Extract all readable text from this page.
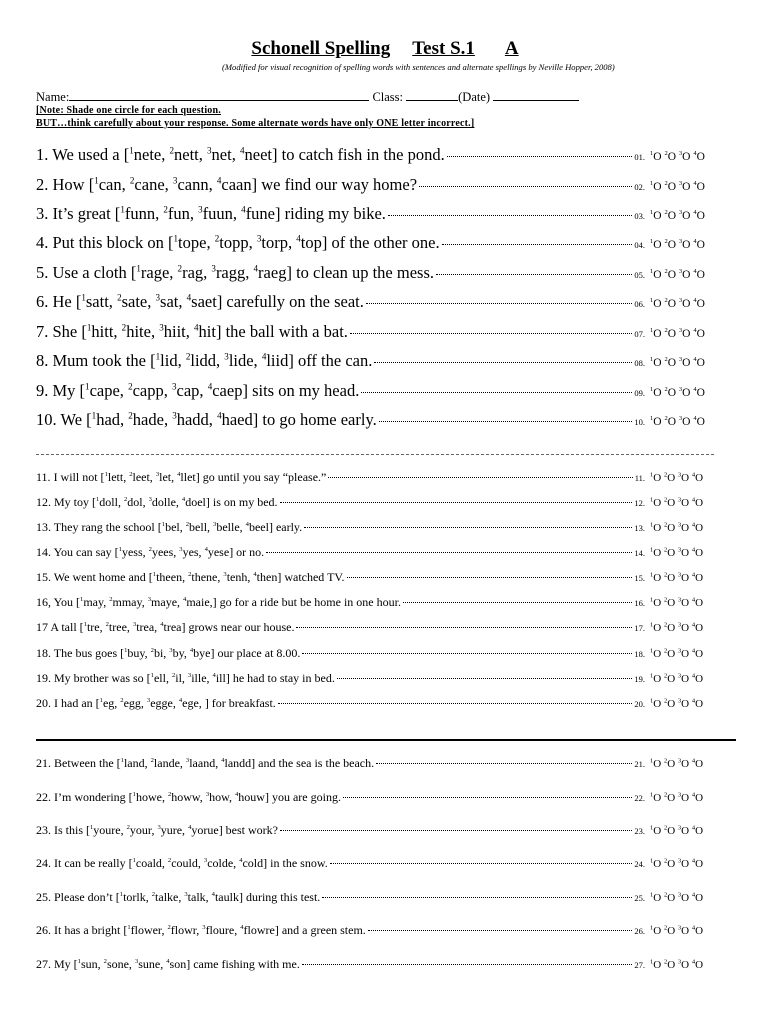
Schonell Spelling Test S.1 A
(Modified for visual recognition of spelling words with sentences and alternate spellings by Neville Hopper, 2008)
Name:	Class:	(Date)
[Note: Shade one circle for each question.
BUT…think carefully about your response. Some alternate words have only ONE letter incorrect.]
1. We used a [$^1$nete, $^2$nett, $^3$net, $^4$neet] to catch fish in the pond.	01. $^1$O $^2$O $^3$O $^4$O
2. How [$^1$can, $^2$cane, $^3$cann, $^4$caan] we find our way home?	02. $^1$O $^2$O $^3$O $^4$O
3. It’s great [$^1$funn, $^2$fun, $^3$fuun, $^4$fune] riding my bike.	03. $^1$O $^2$O $^3$O $^4$O
4. Put this block on [$^1$tope, $^2$topp, $^3$torp, $^4$top] of the other one.	04. $^1$O $^2$O $^3$O $^4$O
5. Use a cloth [$^1$rage, $^2$rag, $^3$ragg, $^4$raeg] to clean up the mess.	05. $^1$O $^2$O $^3$O $^4$O
6. He [$^1$satt, $^2$sate, $^3$sat, $^4$saet] carefully on the seat.	06. $^1$O $^2$O $^3$O $^4$O
7. She [$^1$hitt, $^2$hite, $^3$hiit, $^4$hit] the ball with a bat.	07. $^1$O $^2$O $^3$O $^4$O
8. Mum took the [$^1$lid, $^2$lidd, $^3$lide, $^4$liid] off the can.	08. $^1$O $^2$O $^3$O $^4$O
9. My [$^1$cape, $^2$capp, $^3$cap, $^4$caep] sits on my head.	09. $^1$O $^2$O $^3$O $^4$O
10. We [$^1$had, $^2$hade, $^3$hadd, $^4$haed] to go home early.	10. $^1$O $^2$O $^3$O $^4$O
11. I will not [$^1$lett, $^2$leet, $^3$let, $^4$llet] go until you say “please.”	11. $^1$O $^2$O $^3$O $^4$O
12. My toy [$^1$doll, $^2$dol, $^3$dolle, $^4$doel] is on my bed.	12. $^1$O $^2$O $^3$O $^4$O
13. They rang the school [$^1$bel, $^2$bell, $^3$belle, $^4$beel] early.	13. $^1$O $^2$O $^3$O $^4$O
14. You can say [$^1$yess, $^2$yees, $^3$yes, $^4$yese] or no.	14. $^1$O $^2$O $^3$O $^4$O
15. We went home and [$^1$theen, $^2$thene, $^3$tenh, $^4$then] watched TV.	15. $^1$O $^2$O $^3$O $^4$O
16, You [$^1$may, $^2$mmay, $^3$maye, $^4$maie,] go for a ride but be home in one hour.	16. $^1$O $^2$O $^3$O $^4$O
17 A tall [$^1$tre, $^2$tree, $^3$trea, $^4$trea] grows near our house.	17. $^1$O $^2$O $^3$O $^4$O
18. The bus goes [$^1$buy, $^2$bi, $^3$by, $^4$bye] our place at 8.00.	18. $^1$O $^2$O $^3$O $^4$O
19. My brother was so [$^1$ell, $^2$il, $^3$ille, $^4$ill] he had to stay in bed.	19. $^1$O $^2$O $^3$O $^4$O
20. I had an [$^1$eg, $^2$egg, $^3$egge, $^4$ege, ] for breakfast.	20. $^1$O $^2$O $^3$O $^4$O
21. Between the [$^1$land, $^2$lande, $^3$laand, $^4$landd] and the sea is the beach.	21. $^1$O $^2$O $^3$O $^4$O
22. I’m wondering [$^1$howe, $^2$howw, $^3$how, $^4$houw] you are going.	22. $^1$O $^2$O $^3$O $^4$O
23. Is this [$^1$youre, $^2$your, $^3$yure, $^4$yorue] best work?	23. $^1$O $^2$O $^3$O $^4$O
24. It can be really [$^1$coald, $^2$could, $^3$colde, $^4$cold] in the snow.	24. $^1$O $^2$O $^3$O $^4$O
25. Please don’t [$^1$torlk, $^2$talke, $^3$talk, $^4$taulk] during this test.	25. $^1$O $^2$O $^3$O $^4$O
26. It has a bright [$^1$flower, $^2$flowr, $^3$floure, $^4$flowre] and a green stem.	26. $^1$O $^2$O $^3$O $^4$O
27. My [$^1$sun, $^2$sone, $^3$sune, $^4$son] came fishing with me.	27. $^1$O $^2$O $^3$O $^4$O
